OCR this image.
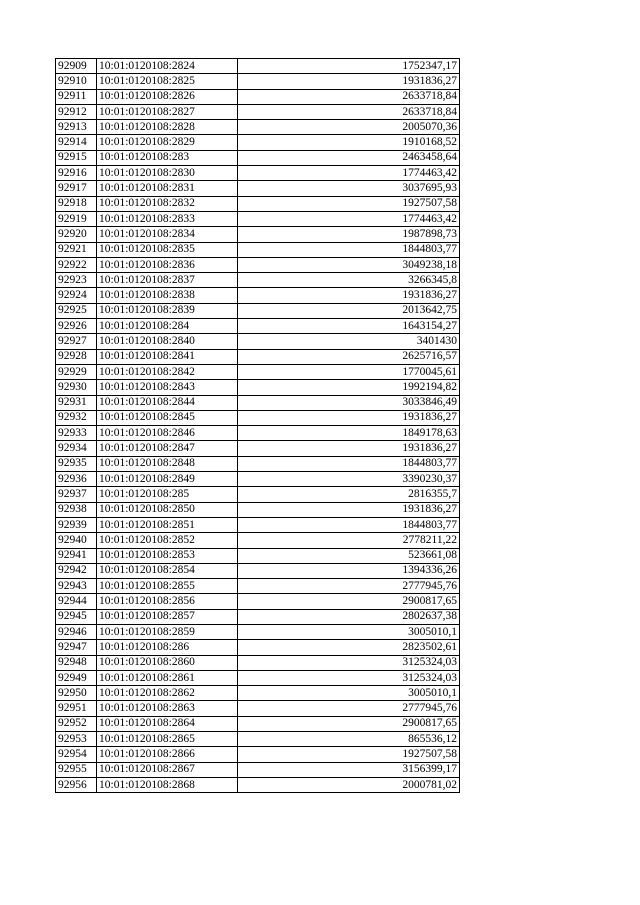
92909	10:01:0120108:2824	1752347,17
92910	10:01:0120108:2825	1931836,27
92911	10:01:0120108:2826	2633718,84
92912	10:01:0120108:2827	2633718,84
92913	10:01:0120108:2828	2005070,36
92914	10:01:0120108:2829	1910168,52
92915	10:01:0120108:283	2463458,64
92916	10:01:0120108:2830	1774463,42
92917	10:01:0120108:2831	3037695,93
92918	10:01:0120108:2832	1927507,58
92919	10:01:0120108:2833	1774463,42
92920	10:01:0120108:2834	1987898,73
92921	10:01:0120108:2835	1844803,77
92922	10:01:0120108:2836	3049238,18
92923	10:01:0120108:2837	3266345,8
92924	10:01:0120108:2838	1931836,27
92925	10:01:0120108:2839	2013642,75
92926	10:01:0120108:284	1643154,27
92927	10:01:0120108:2840	3401430
92928	10:01:0120108:2841	2625716,57
92929	10:01:0120108:2842	1770045,61
92930	10:01:0120108:2843	1992194,82
92931	10:01:0120108:2844	3033846,49
92932	10:01:0120108:2845	1931836,27
92933	10:01:0120108:2846	1849178,63
92934	10:01:0120108:2847	1931836,27
92935	10:01:0120108:2848	1844803,77
92936	10:01:0120108:2849	3390230,37
92937	10:01:0120108:285	2816355,7
92938	10:01:0120108:2850	1931836,27
92939	10:01:0120108:2851	1844803,77
92940	10:01:0120108:2852	2778211,22
92941	10:01:0120108:2853	523661,08
92942	10:01:0120108:2854	1394336,26
92943	10:01:0120108:2855	2777945,76
92944	10:01:0120108:2856	2900817,65
92945	10:01:0120108:2857	2802637,38
92946	10:01:0120108:2859	3005010,1
92947	10:01:0120108:286	2823502,61
92948	10:01:0120108:2860	3125324,03
92949	10:01:0120108:2861	3125324,03
92950	10:01:0120108:2862	3005010,1
92951	10:01:0120108:2863	2777945,76
92952	10:01:0120108:2864	2900817,65
92953	10:01:0120108:2865	865536,12
92954	10:01:0120108:2866	1927507,58
92955	10:01:0120108:2867	3156399,17
92956	10:01:0120108:2868	2000781,02
